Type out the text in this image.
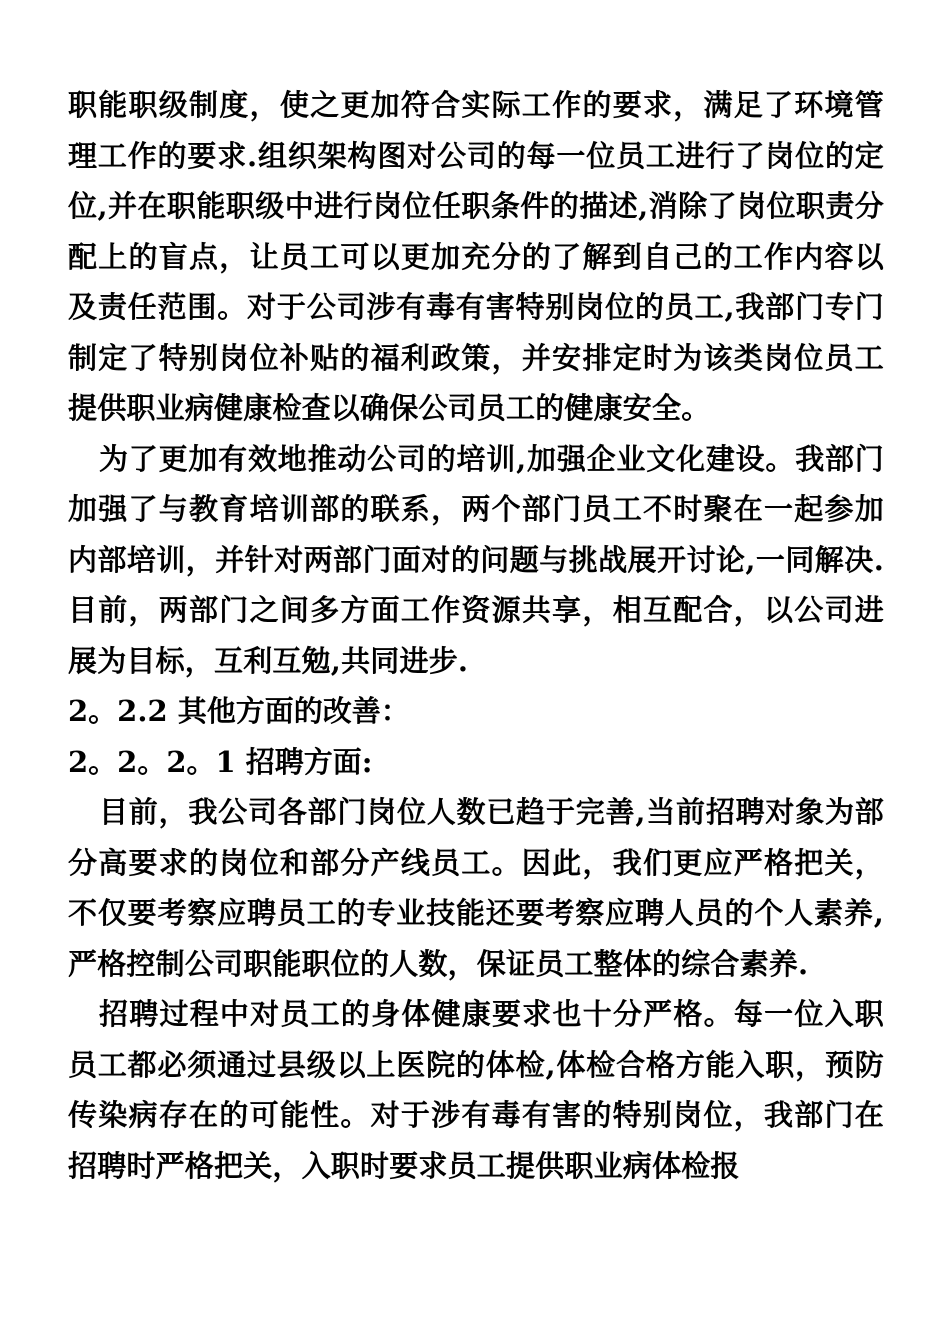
职能职级制度，使之更加符合实际工作的要求，满足了环境管理工作的要求.组织架构图对公司的每一位员工进行了岗位的定位,并在职能职级中进行岗位任职条件的描述,消除了岗位职责分配上的盲点，让员工可以更加充分的了解到自己的工作内容以及责任范围。对于公司涉有毒有害特别岗位的员工,我部门专门制定了特别岗位补贴的福利政策，并安排定时为该类岗位员工提供职业病健康检查以确保公司员工的健康安全。

为了更加有效地推动公司的培训,加强企业文化建设。我部门加强了与教育培训部的联系，两个部门员工不时聚在一起参加内部培训，并针对两部门面对的问题与挑战展开讨论,一同解决.目前，两部门之间多方面工作资源共享，相互配合，以公司进展为目标，互利互勉,共同进步.

2。2.2 其他方面的改善：

2。2。2。1 招聘方面:

目前，我公司各部门岗位人数已趋于完善,当前招聘对象为部分高要求的岗位和部分产线员工。因此，我们更应严格把关，不仅要考察应聘员工的专业技能还要考察应聘人员的个人素养,严格控制公司职能职位的人数，保证员工整体的综合素养.

招聘过程中对员工的身体健康要求也十分严格。每一位入职员工都必须通过县级以上医院的体检,体检合格方能入职，预防传染病存在的可能性。对于涉有毒有害的特别岗位，我部门在招聘时严格把关，入职时要求员工提供职业病体检报
